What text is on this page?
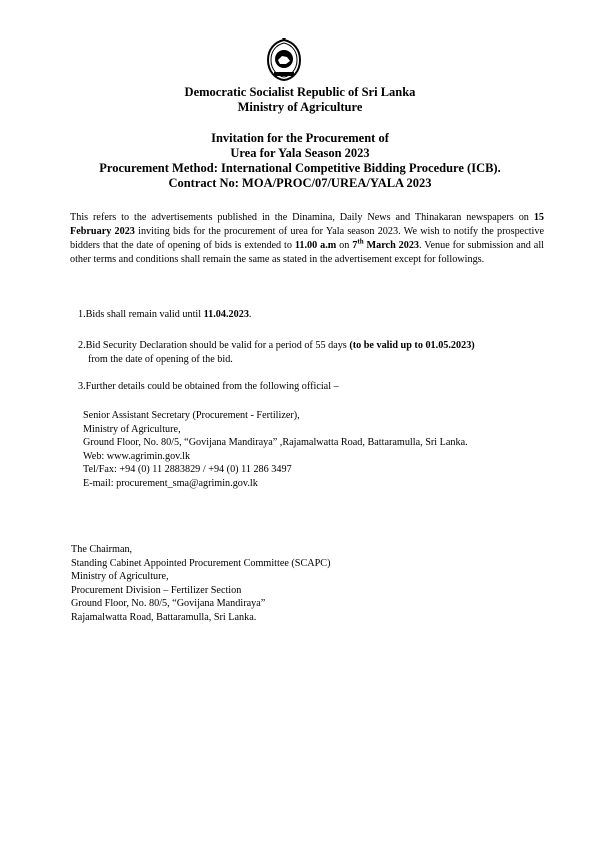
Democratic Socialist Republic of Sri Lanka
Ministry of Agriculture
Invitation for the Procurement of
Urea for Yala Season 2023
Procurement Method: International Competitive Bidding Procedure (ICB).
Contract No: MOA/PROC/07/UREA/YALA 2023
This refers to the advertisements published in the Dinamina, Daily News and Thinakaran newspapers on 15 February 2023 inviting bids for the procurement of urea for Yala season 2023. We wish to notify the prospective bidders that the date of opening of bids is extended to 11.00 a.m on 7th March 2023. Venue for submission and all other terms and conditions shall remain the same as stated in the advertisement except for followings.
1.Bids shall remain valid until 11.04.2023.
2.Bid Security Declaration should be valid for a period of 55 days (to be valid up to 01.05.2023)
from the date of opening of the bid.
3.Further details could be obtained from the following official –
Senior Assistant Secretary (Procurement - Fertilizer),
Ministry of Agriculture,
Ground Floor, No. 80/5, “Govijana Mandiraya” ,Rajamalwatta Road, Battaramulla, Sri Lanka.
Web: www.agrimin.gov.lk
Tel/Fax: +94 (0) 11 2883829 / +94 (0) 11 286 3497
E-mail: procurement_sma@agrimin.gov.lk
The Chairman,
Standing Cabinet Appointed Procurement Committee (SCAPC)
Ministry of Agriculture,
Procurement Division – Fertilizer Section
Ground Floor, No. 80/5, “Govijana Mandiraya”
Rajamalwatta Road, Battaramulla, Sri Lanka.
